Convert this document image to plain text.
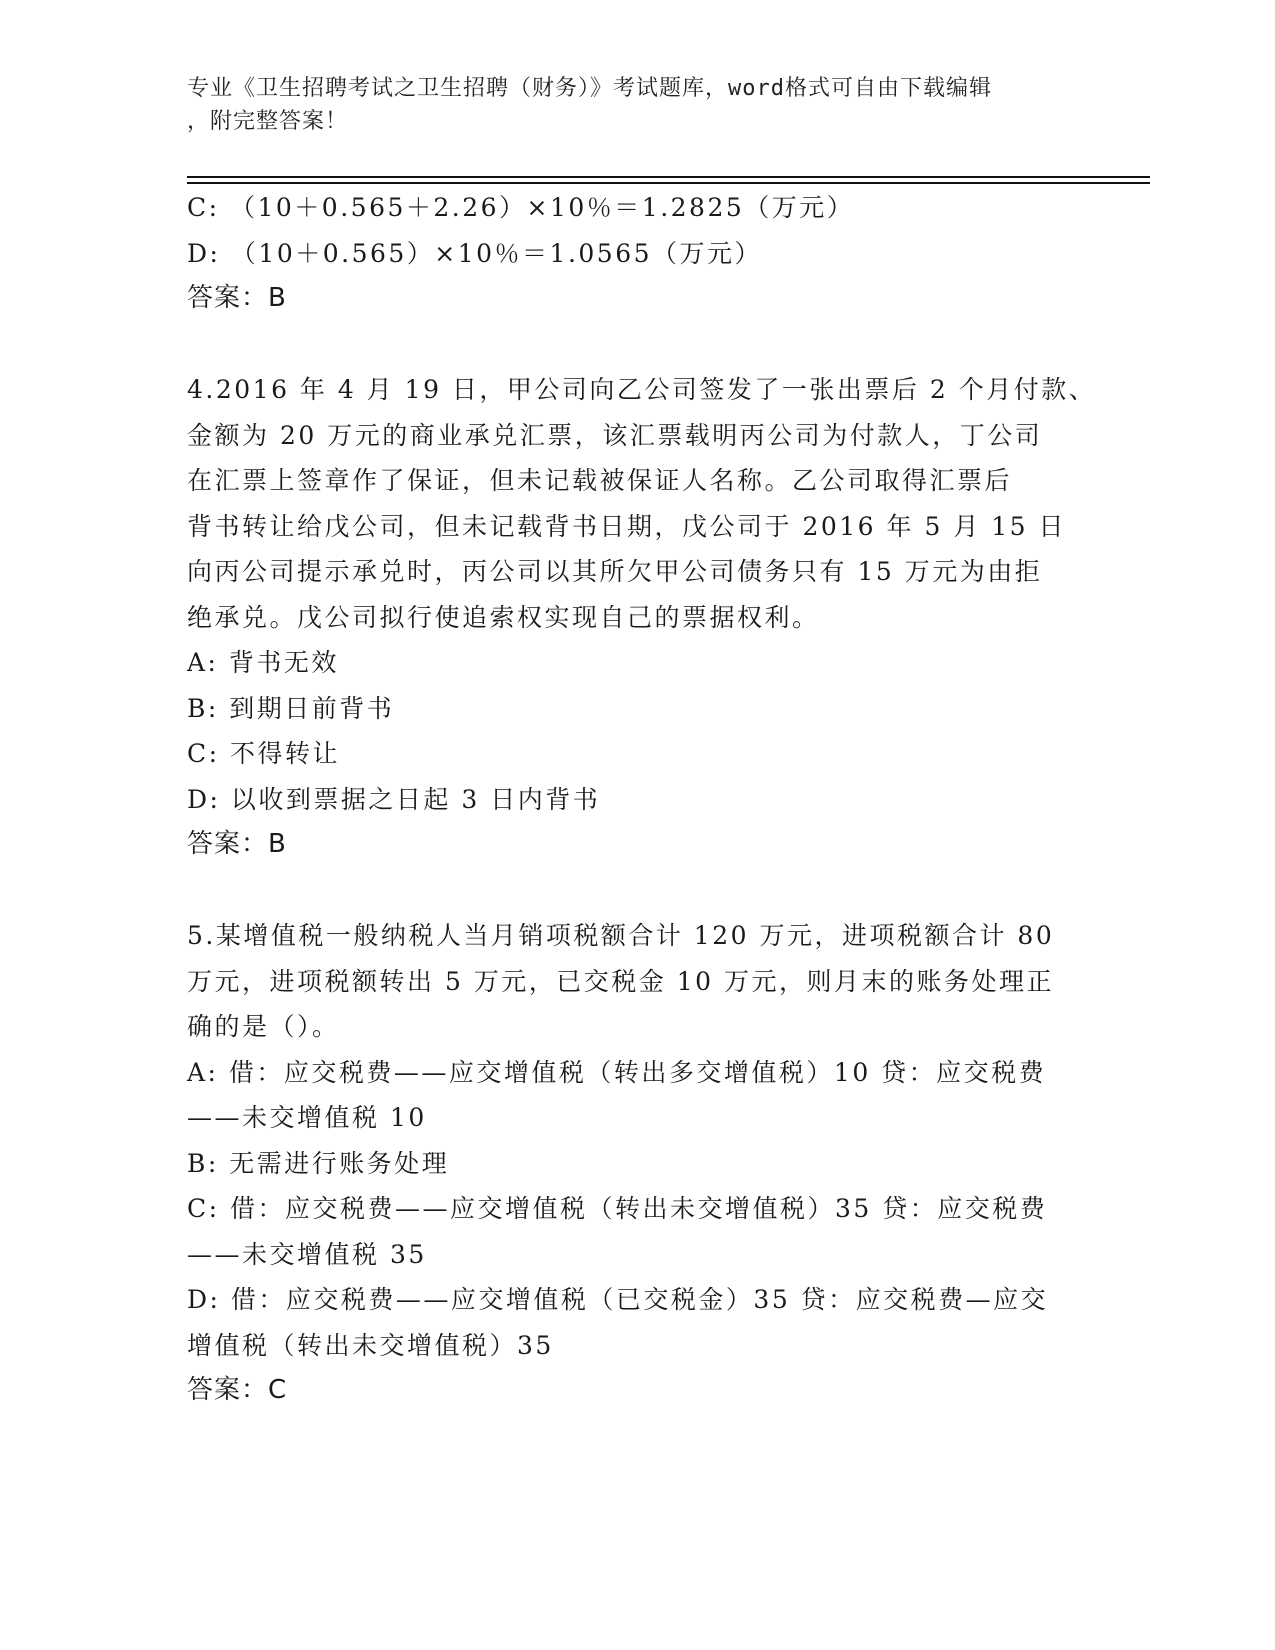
专业《卫生招聘考试之卫生招聘（财务）》考试题库，word格式可自由下载编辑
，附完整答案！
C: （10＋0.565＋2.26）×10％＝1.2825（万元）
D: （10＋0.565）×10％＝1.0565（万元）
答案：B
4.2016 年 4 月 19 日，甲公司向乙公司签发了一张出票后 2 个月付款、
金额为 20 万元的商业承兑汇票，该汇票载明丙公司为付款人，丁公司
在汇票上签章作了保证，但未记载被保证人名称。乙公司取得汇票后
背书转让给戊公司，但未记载背书日期，戊公司于 2016 年 5 月 15 日
向丙公司提示承兑时，丙公司以其所欠甲公司债务只有 15 万元为由拒
绝承兑。戊公司拟行使追索权实现自己的票据权利。
A: 背书无效
B: 到期日前背书
C: 不得转让
D: 以收到票据之日起 3 日内背书
答案：B
5.某增值税一般纳税人当月销项税额合计 120 万元，进项税额合计 80
万元，进项税额转出 5 万元，已交税金 10 万元，则月末的账务处理正
确的是（）。
A: 借：应交税费——应交增值税（转出多交增值税）10 贷：应交税费
——未交增值税 10
B: 无需进行账务处理
C: 借：应交税费——应交增值税（转出未交增值税）35 贷：应交税费
——未交增值税 35
D: 借：应交税费——应交增值税（已交税金）35 贷：应交税费—应交
增值税（转出未交增值税）35
答案：C
